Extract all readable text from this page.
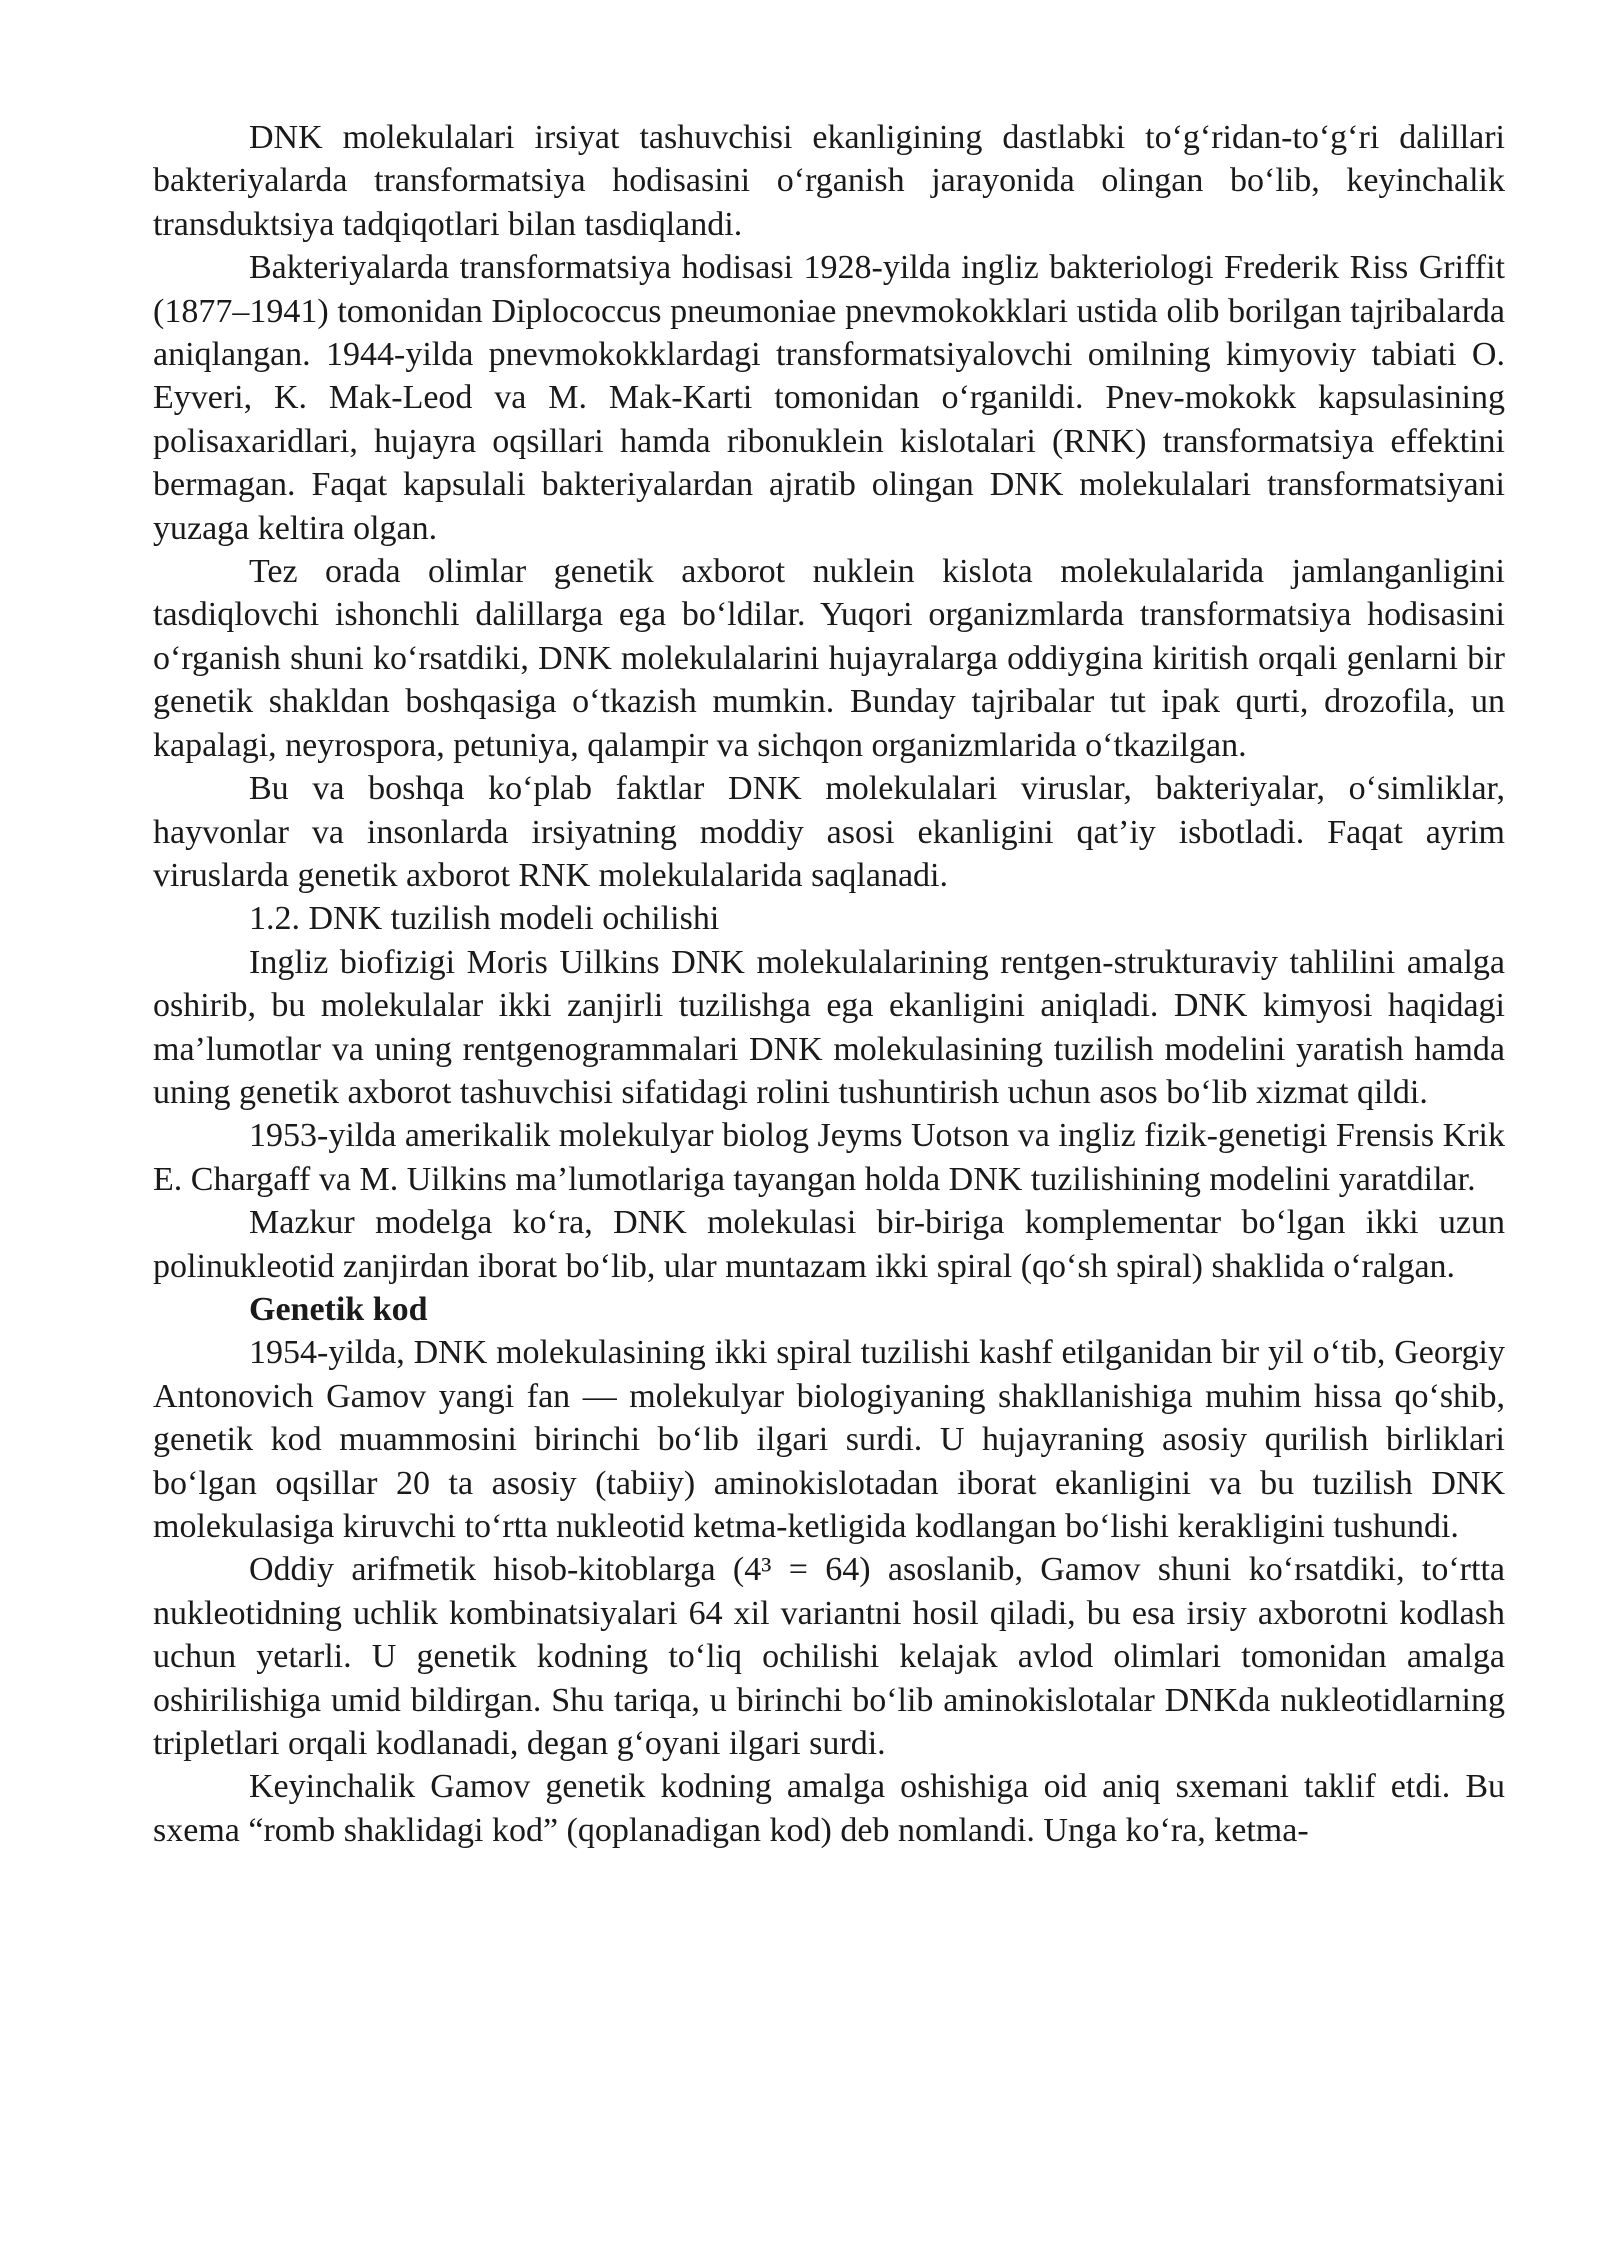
DNK molekulalari irsiyat tashuvchisi ekanligining dastlabki to‘g‘ridan-to‘g‘ri dalillari bakteriyalarda transformatsiya hodisasini o‘rganish jarayonida olingan bo‘lib, keyinchalik transduktsiya tadqiqotlari bilan tasdiqlandi.

Bakteriyalarda transformatsiya hodisasi 1928-yilda ingliz bakteriologi Frederik Riss Griffit (1877–1941) tomonidan Diplococcus pneumoniae pnevmokokklari ustida olib borilgan tajribalarda aniqlangan. 1944-yilda pnevmokokklardagi transformatsiyalovchi omilning kimyoviy tabiati O. Eyveri, K. Mak-Leod va M. Mak-Karti tomonidan o‘rganildi. Pnev-mokokk kapsulasining polisaxaridlari, hujayra oqsillari hamda ribonuklein kislotalari (RNK) transformatsiya effektini bermagan. Faqat kapsulali bakteriyalardan ajratib olingan DNK molekulalari transformatsiyani yuzaga keltira olgan.

Tez orada olimlar genetik axborot nuklein kislota molekulalarida jamlanganligini tasdiqlovchi ishonchli dalillarga ega bo‘ldilar. Yuqori organizmlarda transformatsiya hodisasini o‘rganish shuni ko‘rsatdiki, DNK molekulalarini hujayralarga oddiygina kiritish orqali genlarni bir genetik shakldan boshqasiga o‘tkazish mumkin. Bunday tajribalar tut ipak qurti, drozofila, un kapalagi, neyrospora, petuniya, qalampir va sichqon organizmlarida o‘tkazilgan.

Bu va boshqa ko‘plab faktlar DNK molekulalari viruslar, bakteriyalar, o‘simliklar, hayvonlar va insonlarda irsiyatning moddiy asosi ekanligini qat’iy isbotladi. Faqat ayrim viruslarda genetik axborot RNK molekulalarida saqlanadi.

1.2. DNK tuzilish modeli ochilishi

Ingliz biofizigi Moris Uilkins DNK molekulalarining rentgen-strukturaviy tahlilini amalga oshirib, bu molekulalar ikki zanjirli tuzilishga ega ekanligini aniqladi. DNK kimyosi haqidagi ma’lumotlar va uning rentgenogrammalari DNK molekulasining tuzilish modelini yaratish hamda uning genetik axborot tashuvchisi sifatidagi rolini tushuntirish uchun asos bo‘lib xizmat qildi.

1953-yilda amerikalik molekulyar biolog Jeyms Uotson va ingliz fizik-genetigi Frensis Krik E. Chargaff va M. Uilkins ma’lumotlariga tayangan holda DNK tuzilishining modelini yaratdilar.

Mazkur modelga ko‘ra, DNK molekulasi bir-biriga komplementar bo‘lgan ikki uzun polinukleotid zanjirdan iborat bo‘lib, ular muntazam ikki spiral (qo‘sh spiral) shaklida o‘ralgan.

Genetik kod

1954-yilda, DNK molekulasining ikki spiral tuzilishi kashf etilganidan bir yil o‘tib, Georgiy Antonovich Gamov yangi fan — molekulyar biologiyaning shakllanishiga muhim hissa qo‘shib, genetik kod muammosini birinchi bo‘lib ilgari surdi. U hujayraning asosiy qurilish birliklari bo‘lgan oqsillar 20 ta asosiy (tabiiy) aminokislotadan iborat ekanligini va bu tuzilish DNK molekulasiga kiruvchi to‘rtta nukleotid ketma-ketligida kodlangan bo‘lishi kerakligini tushundi.

Oddiy arifmetik hisob-kitoblarga (4³ = 64) asoslanib, Gamov shuni ko‘rsatdiki, to‘rtta nukleotidning uchlik kombinatsiyalari 64 xil variantni hosil qiladi, bu esa irsiy axborotni kodlash uchun yetarli. U genetik kodning to‘liq ochilishi kelajak avlod olimlari tomonidan amalga oshirilishiga umid bildirgan. Shu tariqa, u birinchi bo‘lib aminokislotalar DNKda nukleotidlarning tripletlari orqali kodlanadi, degan g‘oyani ilgari surdi.

Keyinchalik Gamov genetik kodning amalga oshishiga oid aniq sxemani taklif etdi. Bu sxema “romb shaklidagi kod” (qoplanadigan kod) deb nomlandi. Unga ko‘ra, ketma-
